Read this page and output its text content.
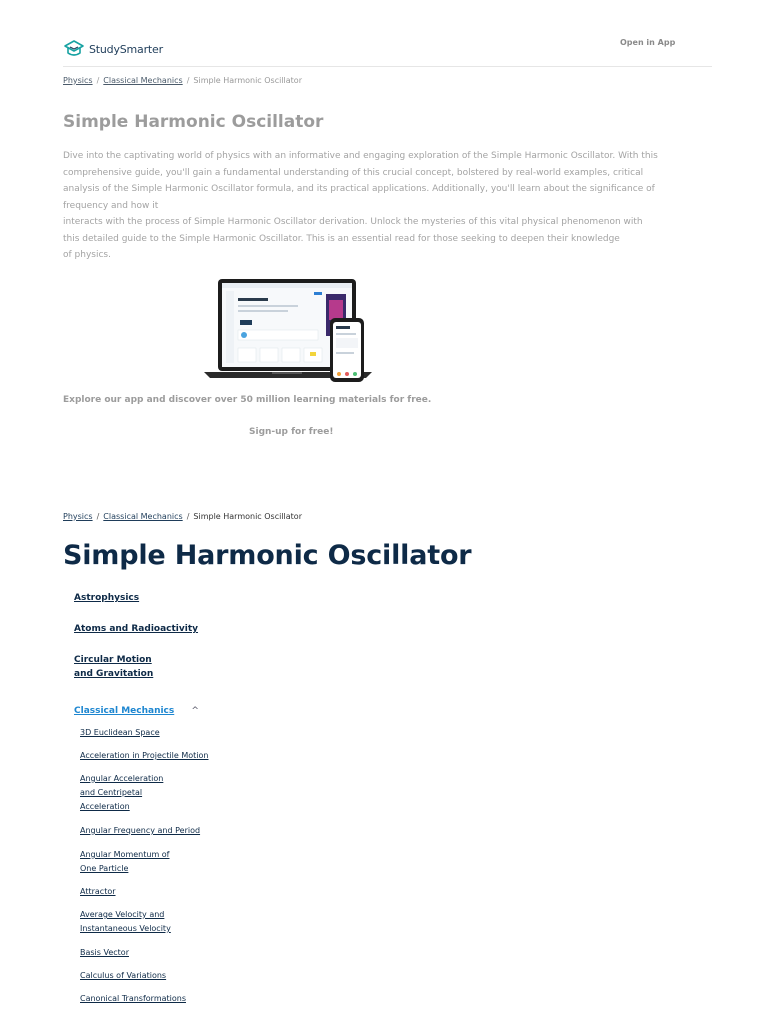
StudySmarter	Open in App
Physics / Classical Mechanics / Simple Harmonic Oscillator
Simple Harmonic Oscillator
Dive into the captivating world of physics with an informative and engaging exploration of the Simple Harmonic Oscillator. With this
comprehensive guide, you'll gain a fundamental understanding of this crucial concept, bolstered by real-world examples, critical
analysis of the Simple Harmonic Oscillator formula, and its practical applications. Additionally, you'll learn about the significance of
frequency and how it
interacts with the process of Simple Harmonic Oscillator derivation. Unlock the mysteries of this vital physical phenomenon with
this detailed guide to the Simple Harmonic Oscillator. This is an essential read for those seeking to deepen their knowledge
of physics.
Explore our app and discover over 50 million learning materials for free.
Sign-up for free!
Physics / Classical Mechanics / Simple Harmonic Oscillator
Simple Harmonic Oscillator
Astrophysics
Atoms and Radioactivity
Circular Motion
and Gravitation
Classical Mechanics ^
3D Euclidean Space
Acceleration in Projectile Motion
Angular Acceleration
and Centripetal
Acceleration
Angular Frequency and Period
Angular Momentum of
One Particle
Attractor
Average Velocity and
Instantaneous Velocity
Basis Vector
Calculus of Variations
Canonical Transformations
